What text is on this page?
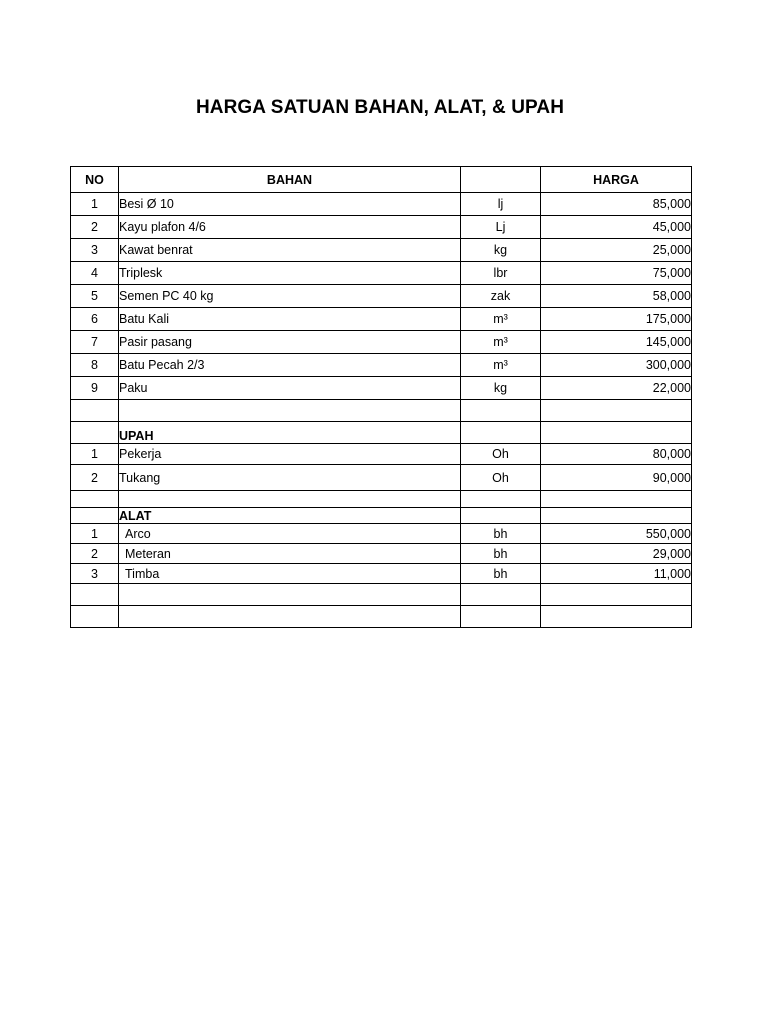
HARGA SATUAN BAHAN, ALAT, & UPAH
NO	BAHAN		HARGA
1	Besi Ø 10	lj	85,000
2	Kayu plafon 4/6	Lj	45,000
3	Kawat benrat	kg	25,000
4	Triplesk	lbr	75,000
5	Semen PC 40 kg	zak	58,000
6	Batu Kali	m³	175,000
7	Pasir pasang	m³	145,000
8	Batu Pecah 2/3	m³	300,000
9	Paku	kg	22,000

	UPAH		
1	Pekerja	Oh	80,000
2	Tukang	Oh	90,000

	ALAT		
1	Arco	bh	550,000
2	Meteran	bh	29,000
3	Timba	bh	11,000
